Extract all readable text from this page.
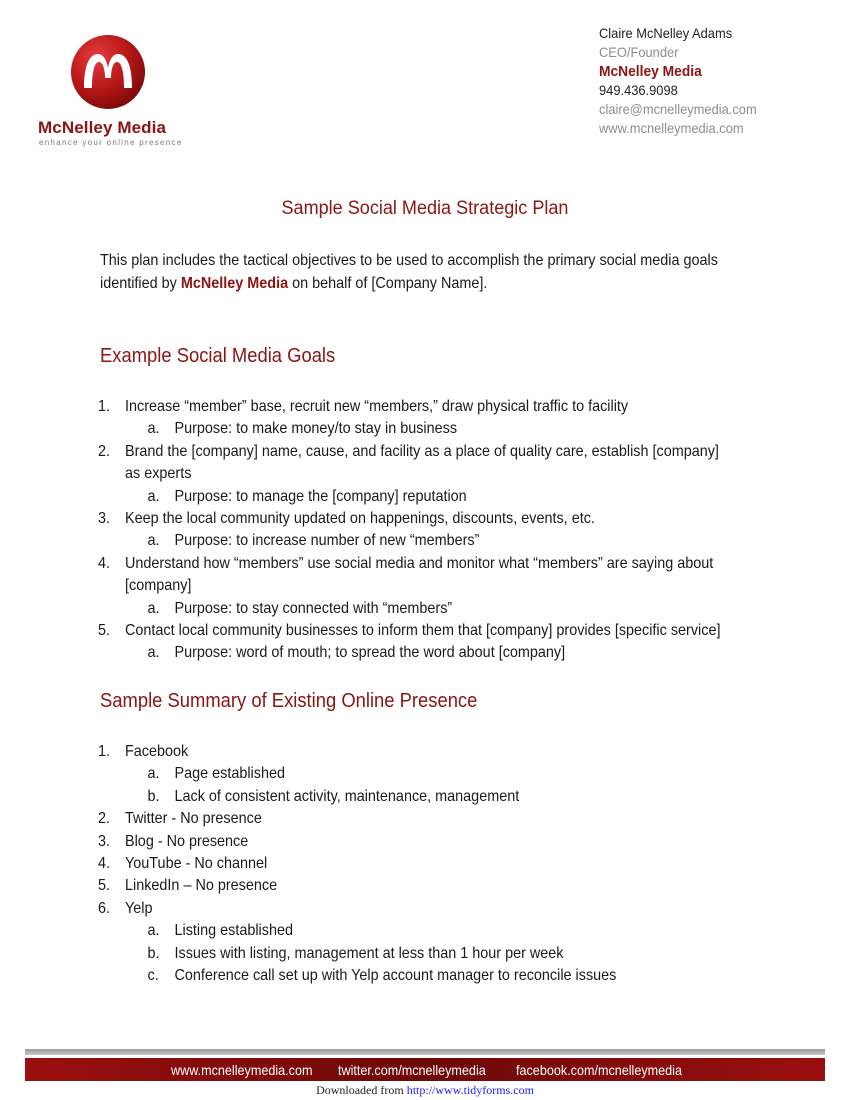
McNelley Media
enhance your online presence
Claire McNelley Adams
CEO/Founder
McNelley Media
949.436.9098
claire@mcnelleymedia.com
www.mcnelleymedia.com
Sample Social Media Strategic Plan
This plan includes the tactical objectives to be used to accomplish the primary social media goals identified by McNelley Media on behalf of [Company Name].
Example Social Media Goals
1. Increase “member” base, recruit new “members,” draw physical traffic to facility
a. Purpose: to make money/to stay in business
2. Brand the [company] name, cause, and facility as a place of quality care, establish [company] as experts
a. Purpose: to manage the [company] reputation
3. Keep the local community updated on happenings, discounts, events, etc.
a. Purpose: to increase number of new “members”
4. Understand how “members” use social media and monitor what “members” are saying about [company]
a. Purpose: to stay connected with “members”
5. Contact local community businesses to inform them that [company] provides [specific service]
a. Purpose: word of mouth; to spread the word about [company]
Sample Summary of Existing Online Presence
1. Facebook
a. Page established
b. Lack of consistent activity, maintenance, management
2. Twitter - No presence
3. Blog - No presence
4. YouTube - No channel
5. LinkedIn – No presence
6. Yelp
a. Listing established
b. Issues with listing, management at less than 1 hour per week
c. Conference call set up with Yelp account manager to reconcile issues
www.mcnelleymedia.com twitter.com/mcnelleymedia facebook.com/mcnelleymedia
Downloaded from http://www.tidyforms.com
